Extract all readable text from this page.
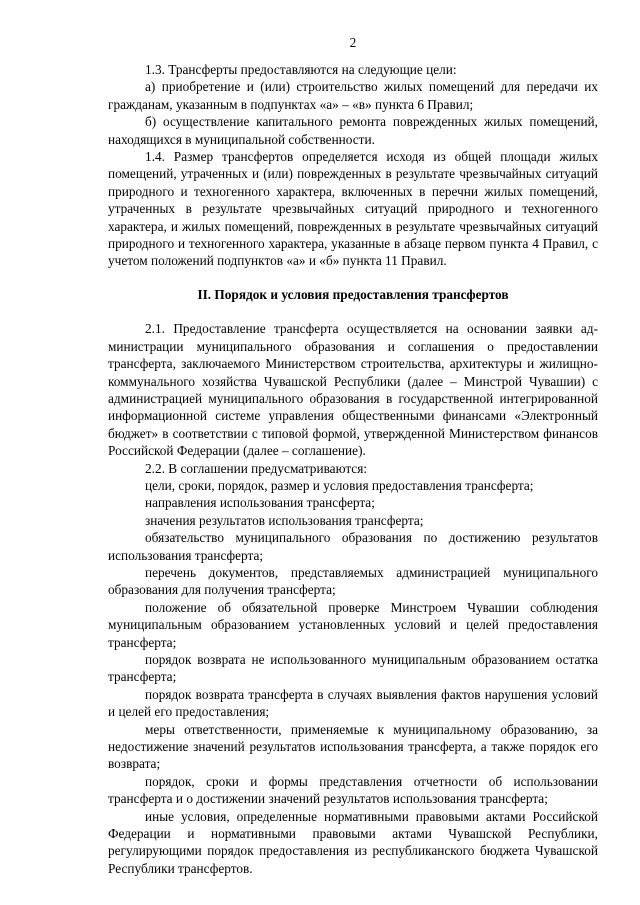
2

1.3. Трансферты предоставляются на следующие цели:

а) приобретение и (или) строительство жилых помещений для передачи их гражданам, указанным в подпунктах «а» – «в» пункта 6 Правил;

б) осуществление капитального ремонта поврежденных жилых помещений, находящихся в муниципальной собственности.

1.4. Размер трансфертов определяется исходя из общей площади жилых помещений, утраченных и (или) поврежденных в результате чрезвычайных ситуаций природного и техногенного характера, включенных в перечни жилых помещений, утраченных в результате чрезвычайных ситуаций природного и техногенного характера, и жилых помещений, поврежденных в результате чрезвычайных ситуаций природного и техногенного характера, указанные в абзаце первом пункта 4 Правил, с учетом положений подпунктов «а» и «б» пункта 11 Правил.

II. Порядок и условия предоставления трансфертов

2.1. Предоставление трансферта осуществляется на основании заявки администрации муниципального образования и соглашения о предоставлении трансферта, заключаемого Министерством строительства, архитектуры и жилищно-коммунального хозяйства Чувашской Республики (далее – Минстрой Чувашии) с администрацией муниципального образования в государственной интегрированной информационной системе управления общественными финансами «Электронный бюджет» в соответствии с типовой формой, утвержденной Министерством финансов Российской Федерации (далее – соглашение).

2.2. В соглашении предусматриваются:

цели, сроки, порядок, размер и условия предоставления трансферта;

направления использования трансферта;

значения результатов использования трансферта;

обязательство муниципального образования по достижению результатов использования трансферта;

перечень документов, представляемых администрацией муниципального образования для получения трансферта;

положение об обязательной проверке Минстроем Чувашии соблюдения муниципальным образованием установленных условий и целей предоставления трансферта;

порядок возврата не использованного муниципальным образованием остатка трансферта;

порядок возврата трансферта в случаях выявления фактов нарушения условий и целей его предоставления;

меры ответственности, применяемые к муниципальному образованию, за недостижение значений результатов использования трансферта, а также порядок его возврата;

порядок, сроки и формы представления отчетности об использовании трансферта и о достижении значений результатов использования трансферта;

иные условия, определенные нормативными правовыми актами Российской Федерации и нормативными правовыми актами Чувашской Республики, регулирующими порядок предоставления из республиканского бюджета Чувашской Республики трансфертов.
